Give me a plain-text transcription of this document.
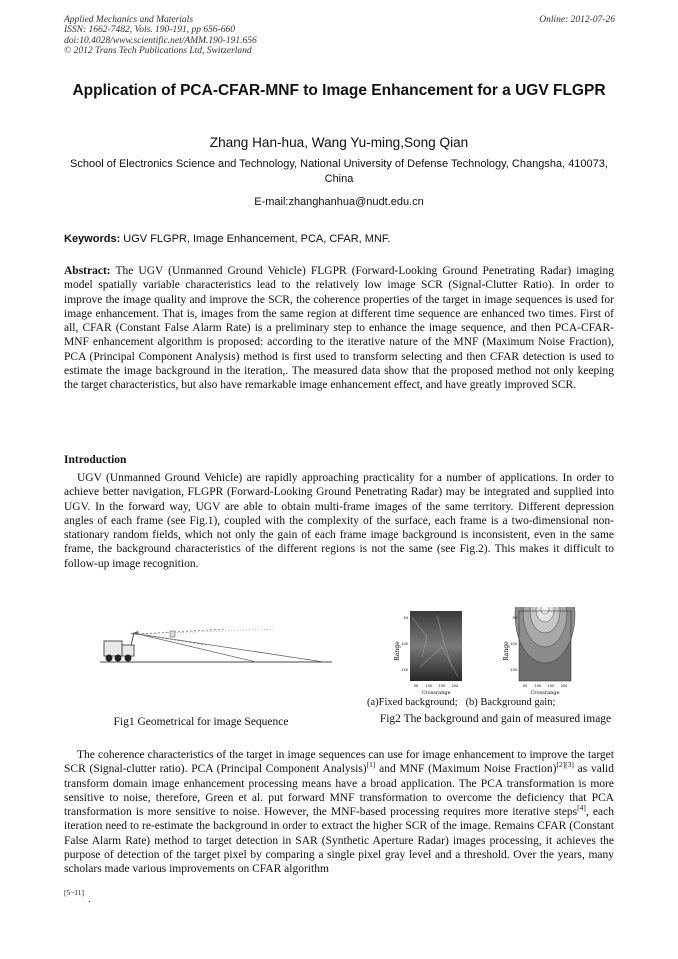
Applied Mechanics and Materials
ISSN: 1662-7482, Vols. 190-191, pp 656-660
doi:10.4028/www.scientific.net/AMM.190-191.656
© 2012 Trans Tech Publications Ltd, Switzerland
Online: 2012-07-26
Application of PCA-CFAR-MNF to Image Enhancement for a UGV FLGPR
Zhang Han-hua, Wang Yu-ming,Song Qian
School of Electronics Science and Technology, National University of Defense Technology, Changsha, 410073, China
E-mail:zhanghanhua@nudt.edu.cn
Keywords: UGV FLGPR, Image Enhancement, PCA, CFAR, MNF.
Abstract: The UGV (Unmanned Ground Vehicle) FLGPR (Forward-Looking Ground Penetrating Radar) imaging model spatially variable characteristics lead to the relatively low image SCR (Signal-Clutter Ratio). In order to improve the image quality and improve the SCR, the coherence properties of the target in image sequences is used for image enhancement. That is, images from the same region at different time sequence are enhanced two times. First of all, CFAR (Constant False Alarm Rate) is a preliminary step to enhance the image sequence, and then PCA-CFAR-MNF enhancement algorithm is proposed: according to the iterative nature of the MNF (Maximum Noise Fraction), PCA (Principal Component Analysis) method is first used to transform selecting and then CFAR detection is used to estimate the image background in the iteration,. The measured data show that the proposed method not only keeping the target characteristics, but also have remarkable image enhancement effect, and have greatly improved SCR.
Introduction
UGV (Unmanned Ground Vehicle) are rapidly approaching practicality for a number of applications. In order to achieve better navigation, FLGPR (Forward-Looking Ground Penetrating Radar) may be integrated and supplied into UGV. In the forward way, UGV are able to obtain multi-frame images of the same territory. Different depression angles of each frame (see Fig.1), coupled with the complexity of the surface, each frame is a two-dimensional non-stationary random fields, which not only the gain of each frame image background is inconsistent, even in the same frame, the background characteristics of the different regions is not the same (see Fig.2). This makes it difficult to follow-up image recognition.
Fig1 Geometrical for image Sequence
Range
50
100
150
50 100 150 200
Crossrange
Range
50
100
150
50 100 150 200
Crossrange
(a)Fixed background; (b) Background gain;
Fig2 The background and gain of measured image
The coherence characteristics of the target in image sequences can use for image enhancement to improve the target SCR (Signal-clutter ratio). PCA (Principal Component Analysis)[1] and MNF (Maximum Noise Fraction)[2][3] as valid transform domain image enhancement processing means have a broad application. The PCA transformation is more sensitive to noise, therefore, Green et al. put forward MNF transformation to overcome the deficiency that PCA transformation is more sensitive to noise. However, the MNF-based processing requires more iterative steps[4], each iteration need to re-estimate the background in order to extract the higher SCR of the image. Remains CFAR (Constant False Alarm Rate) method to target detection in SAR (Synthetic Aperture Radar) images processing, it achieves the purpose of detection of the target pixel by comparing a single pixel gray level and a threshold. Over the years, many scholars made various improvements on CFAR algorithm
[5~11]
.
